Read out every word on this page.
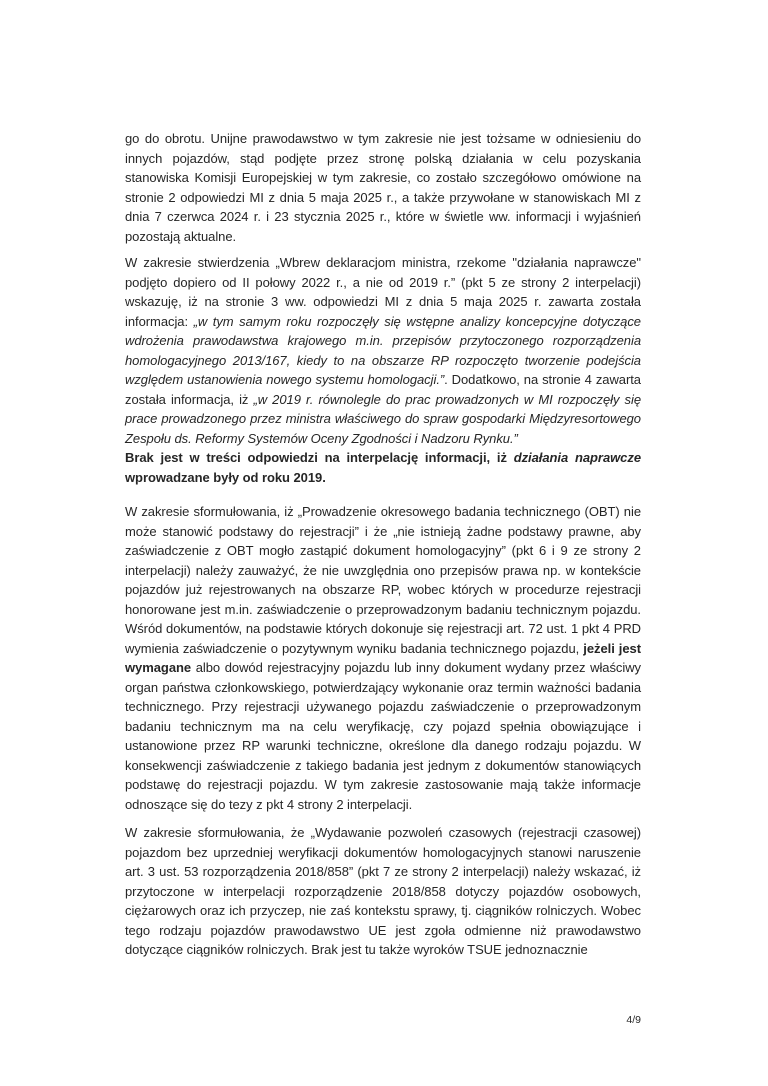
go do obrotu. Unijne prawodawstwo w tym zakresie nie jest tożsame w odniesieniu do innych pojazdów, stąd podjęte przez stronę polską działania w celu pozyskania stanowiska Komisji Europejskiej w tym zakresie, co zostało szczegółowo omówione na stronie 2 odpowiedzi MI z dnia 5 maja 2025 r., a także przywołane w stanowiskach MI z dnia 7 czerwca 2024 r. i 23 stycznia 2025 r., które w świetle ww. informacji i wyjaśnień pozostają aktualne.

W zakresie stwierdzenia „Wbrew deklaracjom ministra, rzekome "działania naprawcze" podjęto dopiero od II połowy 2022 r., a nie od 2019 r.” (pkt 5 ze strony 2 interpelacji) wskazuję, iż na stronie 3 ww. odpowiedzi MI z dnia 5 maja 2025 r. zawarta została informacja: „w tym samym roku rozpoczęły się wstępne analizy koncepcyjne dotyczące wdrożenia prawodawstwa krajowego m.in. przepisów przytoczonego rozporządzenia homologacyjnego 2013/167, kiedy to na obszarze RP rozpoczęto tworzenie podejścia względem ustanowienia nowego systemu homologacji.”. Dodatkowo, na stronie 4 zawarta została informacja, iż „w 2019 r. równolegle do prac prowadzonych w MI rozpoczęły się prace prowadzonego przez ministra właściwego do spraw gospodarki Międzyresortowego Zespołu ds. Reformy Systemów Oceny Zgodności i Nadzoru Rynku.”

Brak jest w treści odpowiedzi na interpelację informacji, iż działania naprawcze wprowadzane były od roku 2019.

W zakresie sformułowania, iż „Prowadzenie okresowego badania technicznego (OBT) nie może stanowić podstawy do rejestracji” i że „nie istnieją żadne podstawy prawne, aby zaświadczenie z OBT mogło zastąpić dokument homologacyjny” (pkt 6 i 9 ze strony 2 interpelacji) należy zauważyć, że nie uwzględnia ono przepisów prawa np. w kontekście pojazdów już rejestrowanych na obszarze RP, wobec których w procedurze rejestracji honorowane jest m.in. zaświadczenie o przeprowadzonym badaniu technicznym pojazdu. Wśród dokumentów, na podstawie których dokonuje się rejestracji art. 72 ust. 1 pkt 4 PRD wymienia zaświadczenie o pozytywnym wyniku badania technicznego pojazdu, jeżeli jest wymagane albo dowód rejestracyjny pojazdu lub inny dokument wydany przez właściwy organ państwa członkowskiego, potwierdzający wykonanie oraz termin ważności badania technicznego. Przy rejestracji używanego pojazdu zaświadczenie o przeprowadzonym badaniu technicznym ma na celu weryfikację, czy pojazd spełnia obowiązujące i ustanowione przez RP warunki techniczne, określone dla danego rodzaju pojazdu. W konsekwencji zaświadczenie z takiego badania jest jednym z dokumentów stanowiących podstawę do rejestracji pojazdu. W tym zakresie zastosowanie mają także informacje odnoszące się do tezy z pkt 4 strony 2 interpelacji.

W zakresie sformułowania, że „Wydawanie pozwoleń czasowych (rejestracji czasowej) pojazdom bez uprzedniej weryfikacji dokumentów homologacyjnych stanowi naruszenie art. 3 ust. 53 rozporządzenia 2018/858” (pkt 7 ze strony 2 interpelacji) należy wskazać, iż przytoczone w interpelacji rozporządzenie 2018/858 dotyczy pojazdów osobowych, ciężarowych oraz ich przyczep, nie zaś kontekstu sprawy, tj. ciągników rolniczych. Wobec tego rodzaju pojazdów prawodawstwo UE jest zgoła odmienne niż prawodawstwo dotyczące ciągników rolniczych. Brak jest tu także wyroków TSUE jednoznacznie

4/9
